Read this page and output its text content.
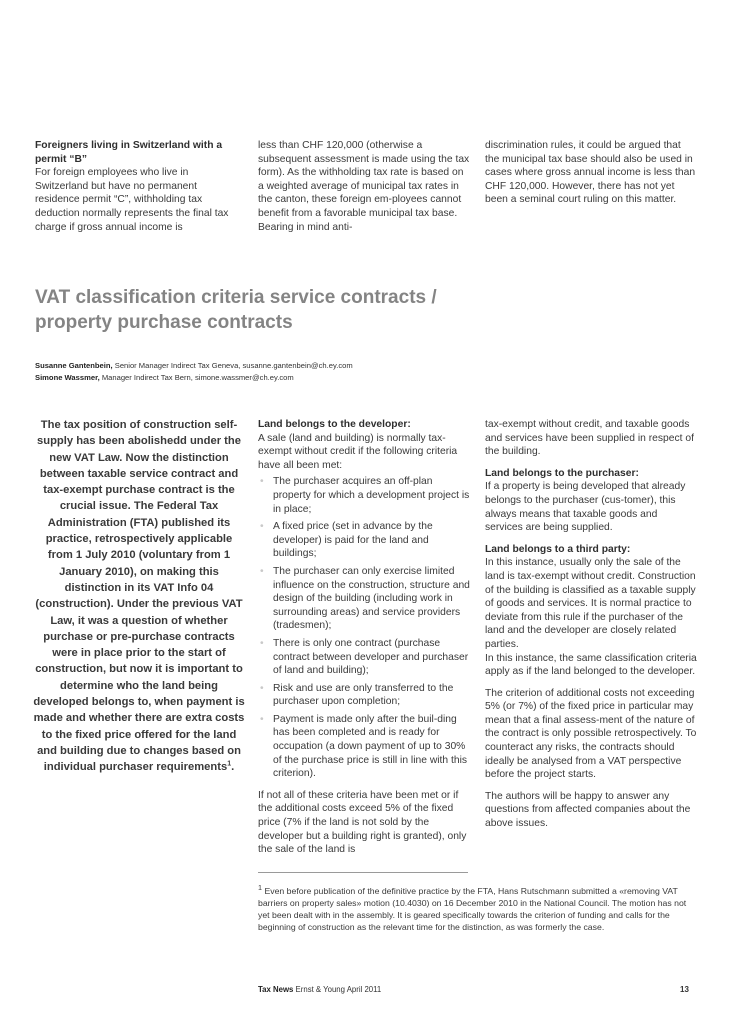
Foreigners living in Switzerland with a permit “B”

For foreign employees who live in Switzerland but have no permanent residence permit “C”, withholding tax deduction normally represents the final tax charge if gross annual income is

less than CHF 120,000 (otherwise a subsequent assessment is made using the tax form). As the withholding tax rate is based on a weighted average of municipal tax rates in the canton, these foreign em-ployees cannot benefit from a favorable municipal tax base. Bearing in mind anti-

discrimination rules, it could be argued that the municipal tax base should also be used in cases where gross annual income is less than CHF 120,000. However, there has not yet been a seminal court ruling on this matter.

VAT classification criteria service contracts /
property purchase contracts
Susanne Gantenbein, Senior Manager Indirect Tax Geneva, susanne.gantenbein@ch.ey.com
Simone Wassmer, Manager Indirect Tax Bern, simone.wassmer@ch.ey.com

The tax position of construction self-supply has been abolishedd under the new VAT Law. Now the distinction between taxable service contract and tax-exempt purchase contract is the crucial issue. The Federal Tax Administration (FTA) published its practice, retrospectively applicable from 1 July 2010 (voluntary from 1 January 2010), on making this distinction in its VAT Info 04 (construction). Under the previous VAT Law, it was a question of whether purchase or pre-purchase contracts were in place prior to the start of construction, but now it is important to determine who the land being developed belongs to, when payment is made and whether there are extra costs to the fixed price offered for the land and building due to changes based on individual purchaser requirements$^1$.

Land belongs to the developer:

A sale (land and building) is normally tax-exempt without credit if the following criteria have all been met:

• The purchaser acquires an off-plan property for which a development project is in place;
• A fixed price (set in advance by the developer) is paid for the land and buildings;
• The purchaser can only exercise limited influence on the construction, structure and design of the building (including work in surrounding areas) and service providers (tradesmen);
• There is only one contract (purchase contract between developer and purchaser of land and building);
• Risk and use are only transferred to the purchaser upon completion;
• Payment is made only after the buil-ding has been completed and is ready for occupation (a down payment of up to 30% of the purchase price is still in line with this criterion).

If not all of these criteria have been met or if the additional costs exceed 5% of the fixed price (7% if the land is not sold by the developer but a building right is granted), only the sale of the land is

tax-exempt without credit, and taxable goods and services have been supplied in respect of the building.

Land belongs to the purchaser:

If a property is being developed that already belongs to the purchaser (cus-tomer), this always means that taxable goods and services are being supplied.

Land belongs to a third party:

In this instance, usually only the sale of the land is tax-exempt without credit. Construction of the building is classified as a taxable supply of goods and services. It is normal practice to deviate from this rule if the purchaser of the land and the developer are closely related parties.

In this instance, the same classification criteria apply as if the land belonged to the developer.

The criterion of additional costs not exceeding 5% (or 7%) of the fixed price in particular may mean that a final assess-ment of the nature of the contract is only possible retrospectively. To counteract any risks, the contracts should ideally be analysed from a VAT perspective before the project starts.

The authors will be happy to answer any questions from affected companies about the above issues.

$^1$ Even before publication of the definitive practice by the FTA, Hans Rutschmann submitted a «removing VAT barriers on property sales» motion (10.4030) on 16 December 2010 in the National Council. The motion has not yet been dealt with in the assembly. It is geared specifically towards the criterion of funding and calls for the beginning of construction as the relevant time for the distinction, as was formerly the case.
Tax News Ernst & Young April 2011	13
